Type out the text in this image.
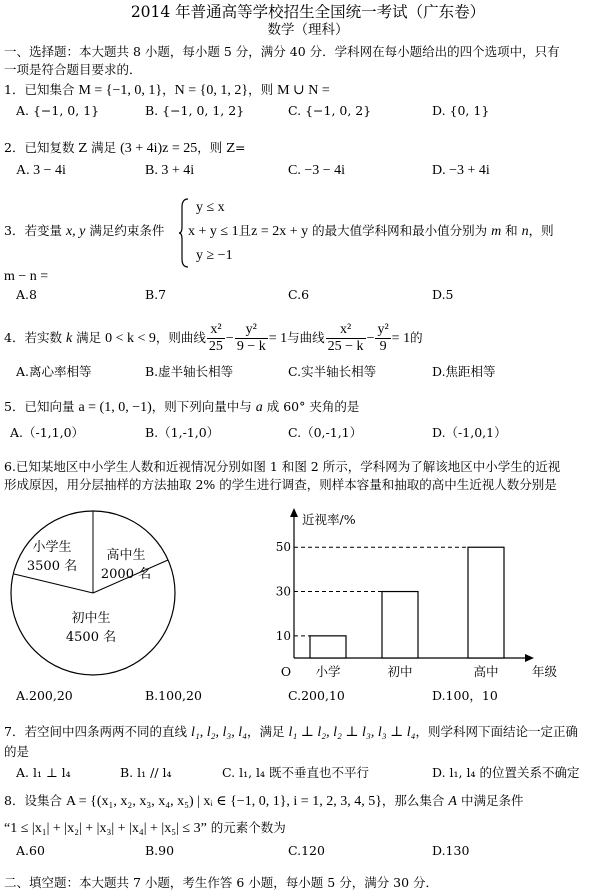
2014 年普通高等学校招生全国统一考试（广东卷）
数学（理科）
一、选择题：本大题共 8 小题，每小题 5 分，满分 40 分．学科网在每小题给出的四个选项中，只有
一项是符合题目要求的．
1．已知集合 M = {−1, 0, 1}，N = {0, 1, 2}，则 M ∪ N =
A. {−1, 0, 1}	B. {−1, 0, 1, 2}	C. {−1, 0, 2}	D. {0, 1}
2．已知复数 Z 满足 (3 + 4i)z = 25，则 Z=
A. 3 − 4i	B. 3 + 4i	C. −3 − 4i	D. −3 + 4i
3．若变量 x, y 满足约束条件
y ≤ x
x + y ≤ 1且z = 2x + y 的最大值学科网和最小值分别为 m 和 n，则
y ≥ −1
m − n =
A.8	B.7	C.6	D.5
4．若实数 k 满足 0 < k < 9，则曲线 $\frac{\text{x²}}{25} - \frac{\text{y²}}{9 - k} = 1$与曲线 $\frac{\text{x²}}{25 - k} - \frac{\text{y²}}{9} = 1$的
A.离心率相等	B.虚半轴长相等	C.实半轴长相等	D.焦距相等
5．已知向量 a = (1, 0, −1)，则下列向量中与 a 成 60° 夹角的是
A.（-1,1,0）	B.（1,-1,0）	C.（0,-1,1）	D.（-1,0,1）
6.已知某地区中小学生人数和近视情况分别如图 1 和图 2 所示，学科网为了解该地区中小学生的近视
形成原因，用分层抽样的方法抽取 2% 的学生进行调查，则样本容量和抽取的高中生近视人数分别是
小学生
3500 名
高中生
2000 名
初中生
4500 名
近视率/%
O	年级
10
小学
30
初中
50
高中
A.200,20	B.100,20	C.200,10	D.100，10
7．若空间中四条两两不同的直线 l₁, l₂, l₃, l₄，满足 l₁ ⊥ l₂, l₂ ⊥ l₃, l₃ ⊥ l₄，则学科网下面结论一定正确
的是
A. l₁ ⊥ l₄	B. l₁ // l₄	C. l₁, l₄ 既不垂直也不平行	D. l₁, l₄ 的位置关系不确定
8．设集合 A = {(x₁, x₂, x₃, x₄, x₅) | xᵢ ∈ {−1, 0, 1}, i = 1, 2, 3, 4, 5}，那么集合 A 中满足条件
“1 ≤ |x₁| + |x₂| + |x₃| + |x₄| + |x₅| ≤ 3” 的元素个数为
A.60	B.90	C.120	D.130
二、填空题：本大题共 7 小题，考生作答 6 小题，每小题 5 分，满分 30 分．
